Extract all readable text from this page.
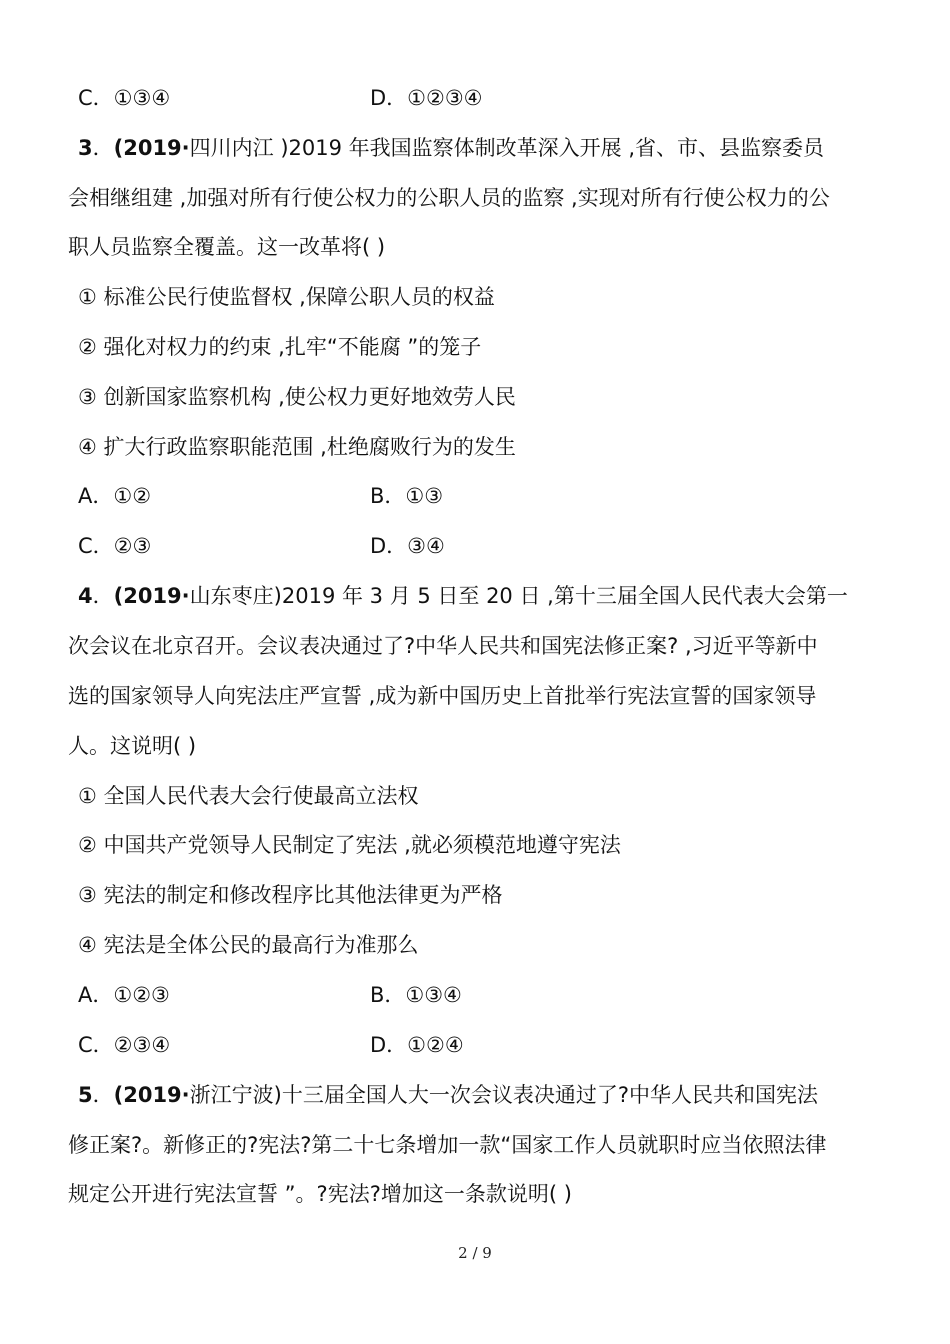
C．①③④	D．①②③④
3．(2019·四川内江 )2019 年我国监察体制改革深入开展 ,省、市、县监察委员
会相继组建 ,加强对所有行使公权力的公职人员的监察 ,实现对所有行使公权力的公
职人员监察全覆盖。这一改革将( )
① 标准公民行使监督权 ,保障公职人员的权益
② 强化对权力的约束 ,扎牢“不能腐 ”的笼子
③ 创新国家监察机构 ,使公权力更好地效劳人民
④ 扩大行政监察职能范围 ,杜绝腐败行为的发生
A．①②	B．①③
C．②③	D．③④
4．(2019·山东枣庄)2019 年 3 月 5 日至 20 日 ,第十三届全国人民代表大会第一
次会议在北京召开。会议表决通过了?中华人民共和国宪法修正案? ,习近平等新中
选的国家领导人向宪法庄严宣誓 ,成为新中国历史上首批举行宪法宣誓的国家领导
人。这说明( )
① 全国人民代表大会行使最高立法权
② 中国共产党领导人民制定了宪法 ,就必须模范地遵守宪法
③ 宪法的制定和修改程序比其他法律更为严格
④ 宪法是全体公民的最高行为准那么
A．①②③	B．①③④
C．②③④	D．①②④
5．(2019·浙江宁波)十三届全国人大一次会议表决通过了?中华人民共和国宪法
修正案?。新修正的?宪法?第二十七条增加一款“国家工作人员就职时应当依照法律
规定公开进行宪法宣誓 ”。?宪法?增加这一条款说明( )
2 / 9
